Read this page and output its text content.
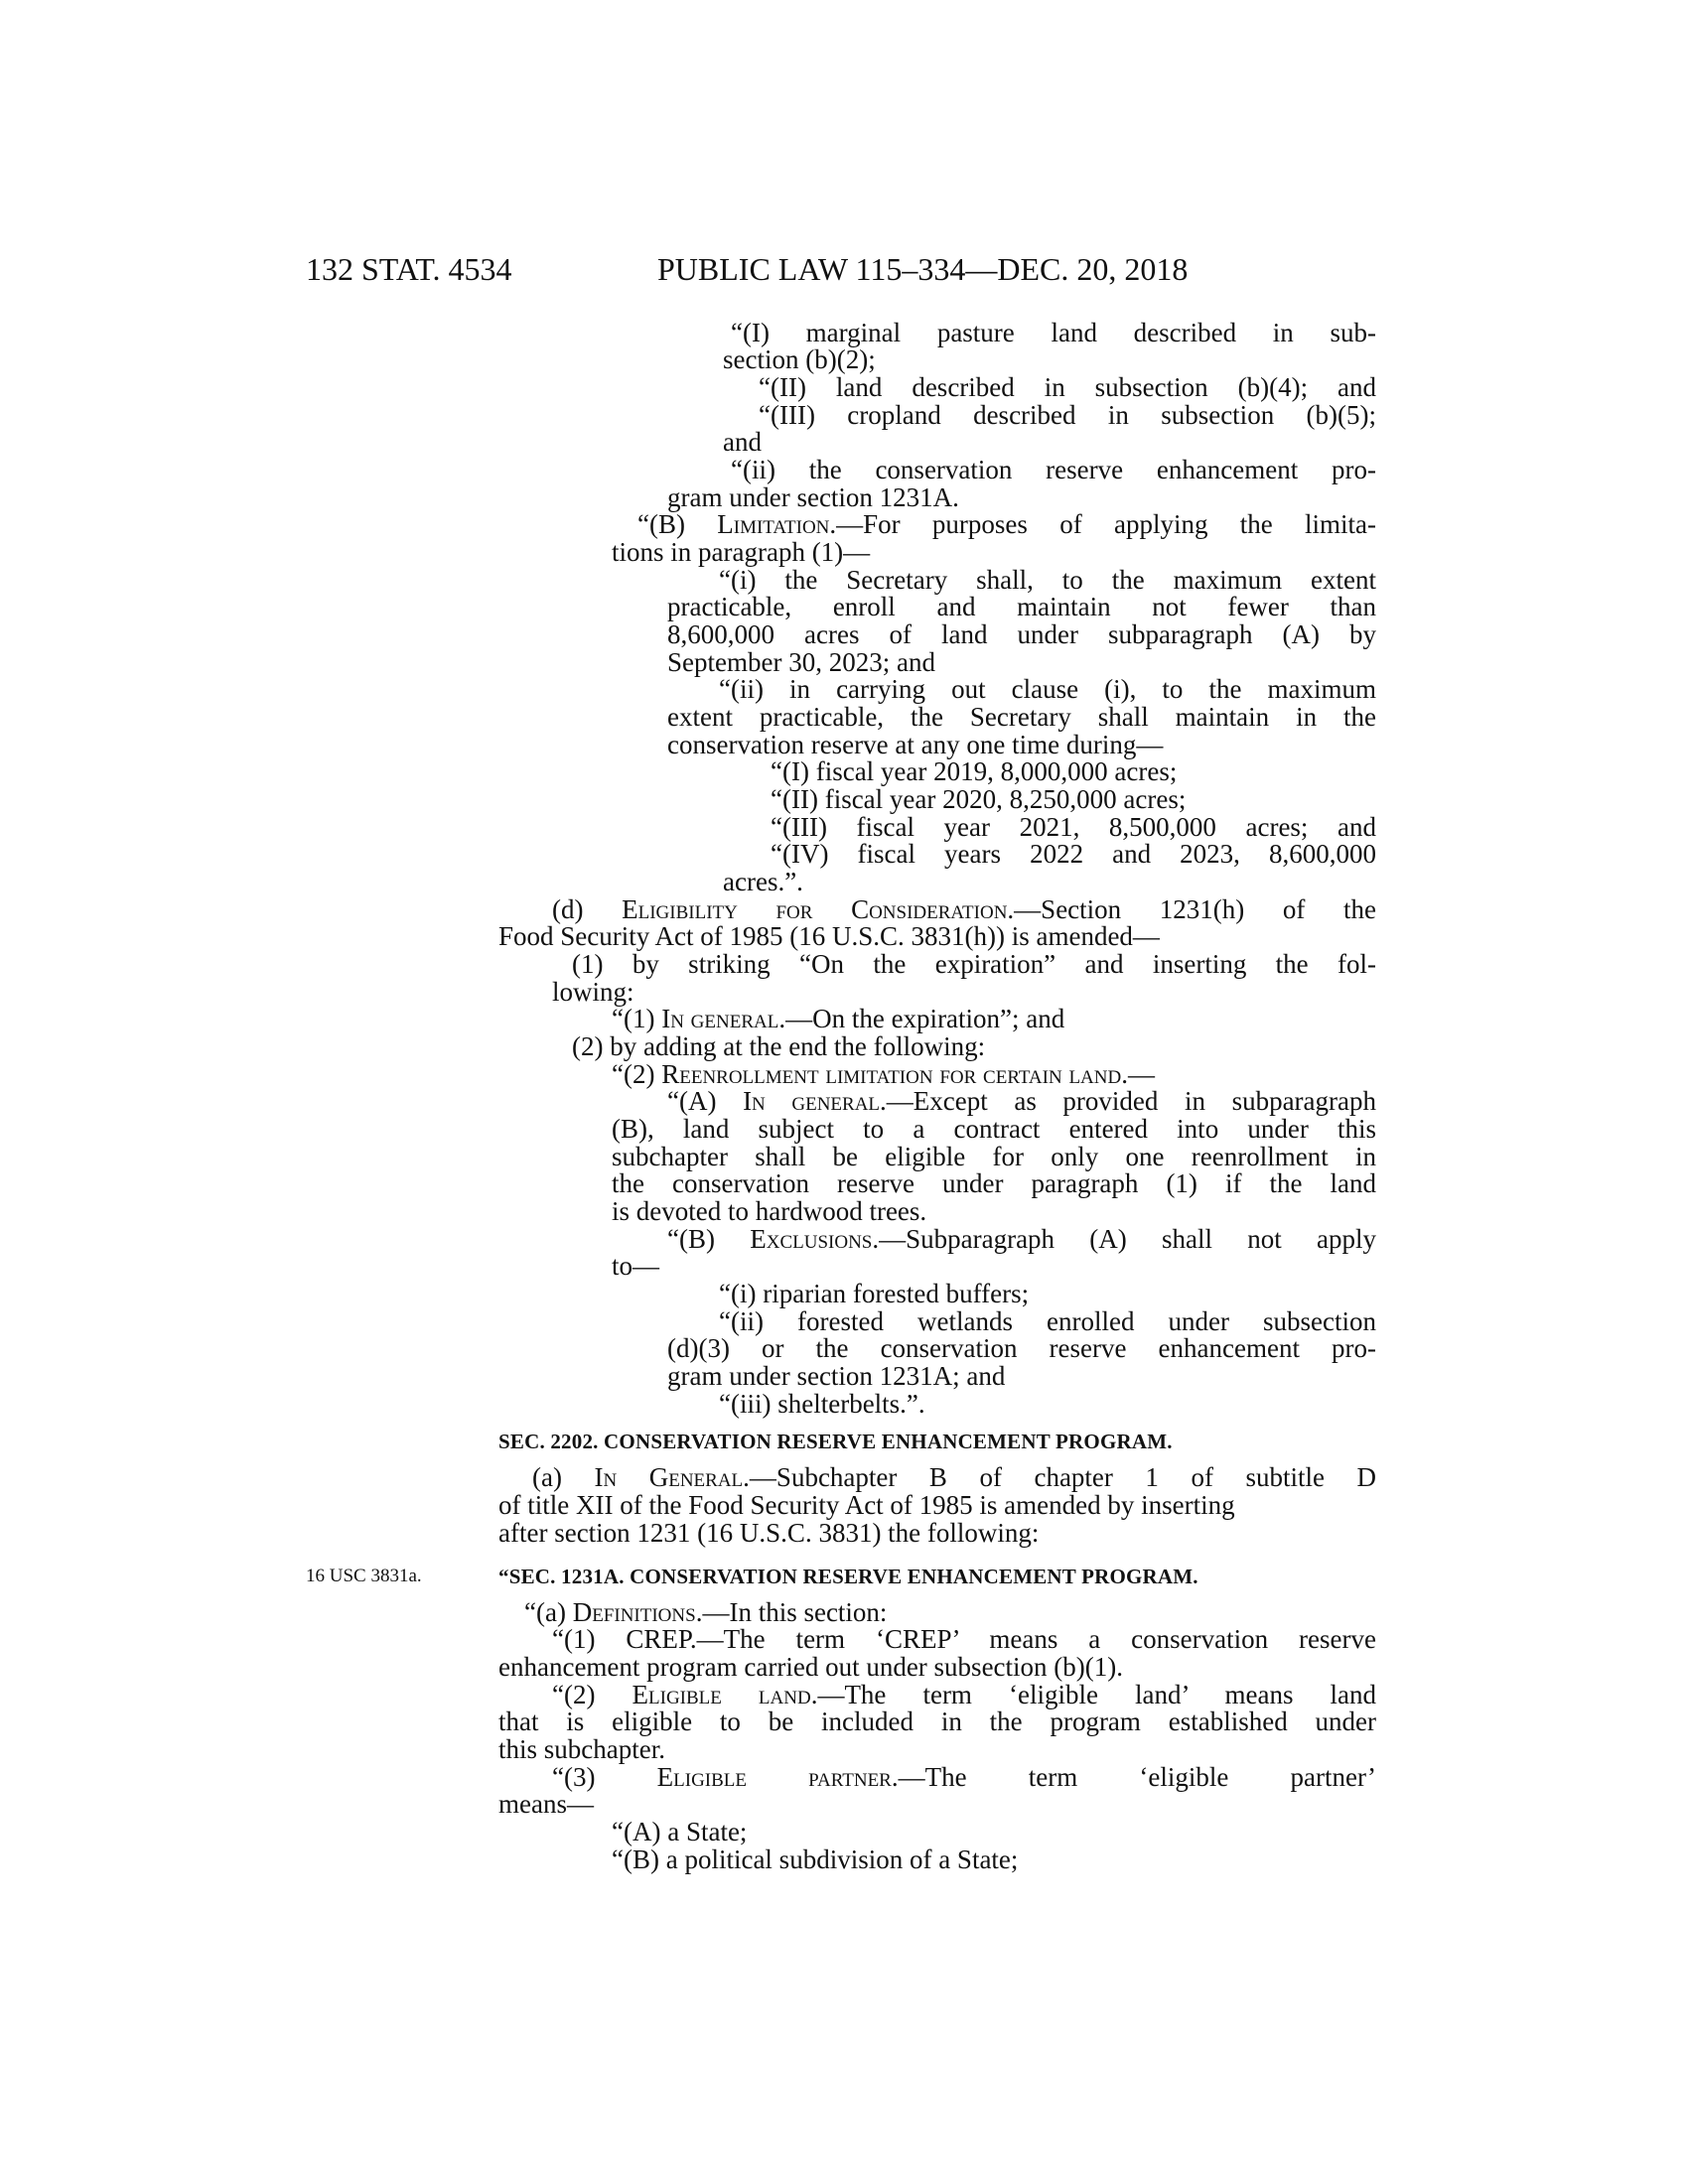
132 STAT. 4534	PUBLIC LAW 115–334—DEC. 20, 2018
“(I) marginal pasture land described in sub-
section (b)(2);
“(II) land described in subsection (b)(4); and
“(III) cropland described in subsection (b)(5);
and
“(ii) the conservation reserve enhancement pro-
gram under section 1231A.
“(B) Limitation.—For purposes of applying the limita-
tions in paragraph (1)—
“(i) the Secretary shall, to the maximum extent
practicable, enroll and maintain not fewer than
8,600,000 acres of land under subparagraph (A) by
September 30, 2023; and
“(ii) in carrying out clause (i), to the maximum
extent practicable, the Secretary shall maintain in the
conservation reserve at any one time during—
“(I) fiscal year 2019, 8,000,000 acres;
“(II) fiscal year 2020, 8,250,000 acres;
“(III) fiscal year 2021, 8,500,000 acres; and
“(IV) fiscal years 2022 and 2023, 8,600,000
acres.”.
(d) Eligibility for Consideration.—Section 1231(h) of the
Food Security Act of 1985 (16 U.S.C. 3831(h)) is amended—
(1) by striking “On the expiration” and inserting the fol-
lowing:
“(1) In general.—On the expiration”; and
(2) by adding at the end the following:
“(2) Reenrollment limitation for certain land.—
“(A) In general.—Except as provided in subparagraph
(B), land subject to a contract entered into under this
subchapter shall be eligible for only one reenrollment in
the conservation reserve under paragraph (1) if the land
is devoted to hardwood trees.
“(B) Exclusions.—Subparagraph (A) shall not apply
to—
“(i) riparian forested buffers;
“(ii) forested wetlands enrolled under subsection
(d)(3) or the conservation reserve enhancement pro-
gram under section 1231A; and
“(iii) shelterbelts.”.
SEC. 2202. CONSERVATION RESERVE ENHANCEMENT PROGRAM.
(a) In General.—Subchapter B of chapter 1 of subtitle D
of title XII of the Food Security Act of 1985 is amended by inserting
after section 1231 (16 U.S.C. 3831) the following:
16 USC 3831a.	“SEC. 1231A. CONSERVATION RESERVE ENHANCEMENT PROGRAM.
“(a) Definitions.—In this section:
“(1) CREP.—The term ‘CREP’ means a conservation reserve
enhancement program carried out under subsection (b)(1).
“(2) Eligible land.—The term ‘eligible land’ means land
that is eligible to be included in the program established under
this subchapter.
“(3) Eligible partner.—The term ‘eligible partner’
means—
“(A) a State;
“(B) a political subdivision of a State;
